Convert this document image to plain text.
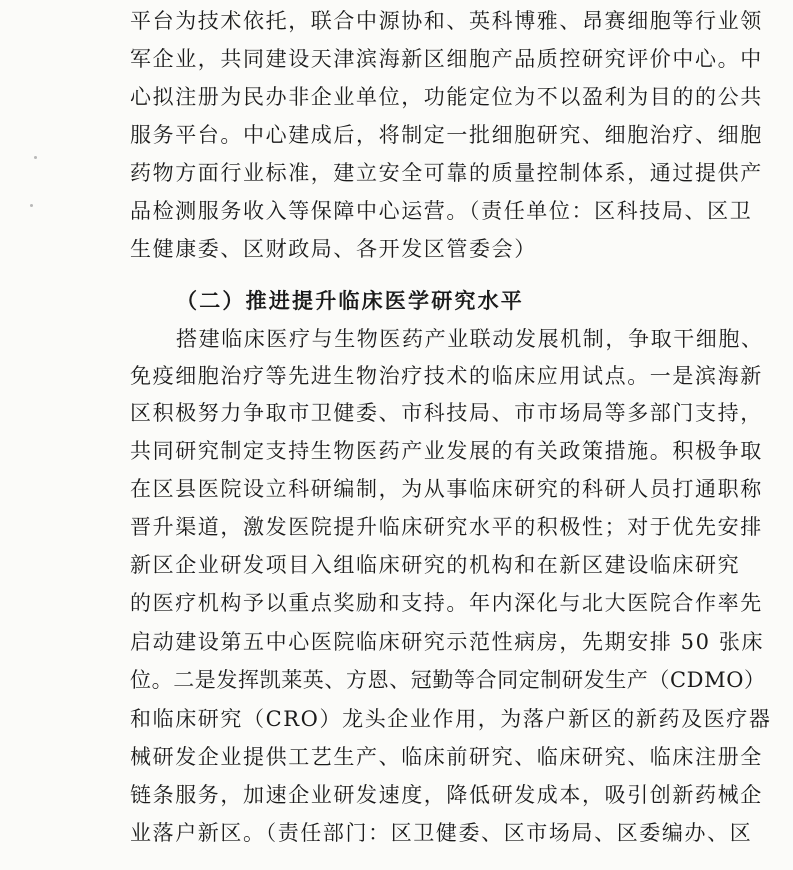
平台为技术依托，联合中源协和、英科博雅、昂赛细胞等行业领
军企业，共同建设天津滨海新区细胞产品质控研究评价中心。中
心拟注册为民办非企业单位，功能定位为不以盈利为目的的公共
服务平台。中心建成后，将制定一批细胞研究、细胞治疗、细胞
药物方面行业标准，建立安全可靠的质量控制体系，通过提供产
品检测服务收入等保障中心运营。（责任单位：区科技局、区卫
生健康委、区财政局、各开发区管委会）
（二）推进提升临床医学研究水平
搭建临床医疗与生物医药产业联动发展机制，争取干细胞、
免疫细胞治疗等先进生物治疗技术的临床应用试点。一是滨海新
区积极努力争取市卫健委、市科技局、市市场局等多部门支持，
共同研究制定支持生物医药产业发展的有关政策措施。积极争取
在区县医院设立科研编制，为从事临床研究的科研人员打通职称
晋升渠道，激发医院提升临床研究水平的积极性；对于优先安排
新区企业研发项目入组临床研究的机构和在新区建设临床研究
的医疗机构予以重点奖励和支持。年内深化与北大医院合作率先
启动建设第五中心医院临床研究示范性病房，先期安排 50 张床
位。二是发挥凯莱英、方恩、冠勤等合同定制研发生产（CDMO）
和临床研究（CRO）龙头企业作用，为落户新区的新药及医疗器
械研发企业提供工艺生产、临床前研究、临床研究、临床注册全
链条服务，加速企业研发速度，降低研发成本，吸引创新药械企
业落户新区。（责任部门：区卫健委、区市场局、区委编办、区
